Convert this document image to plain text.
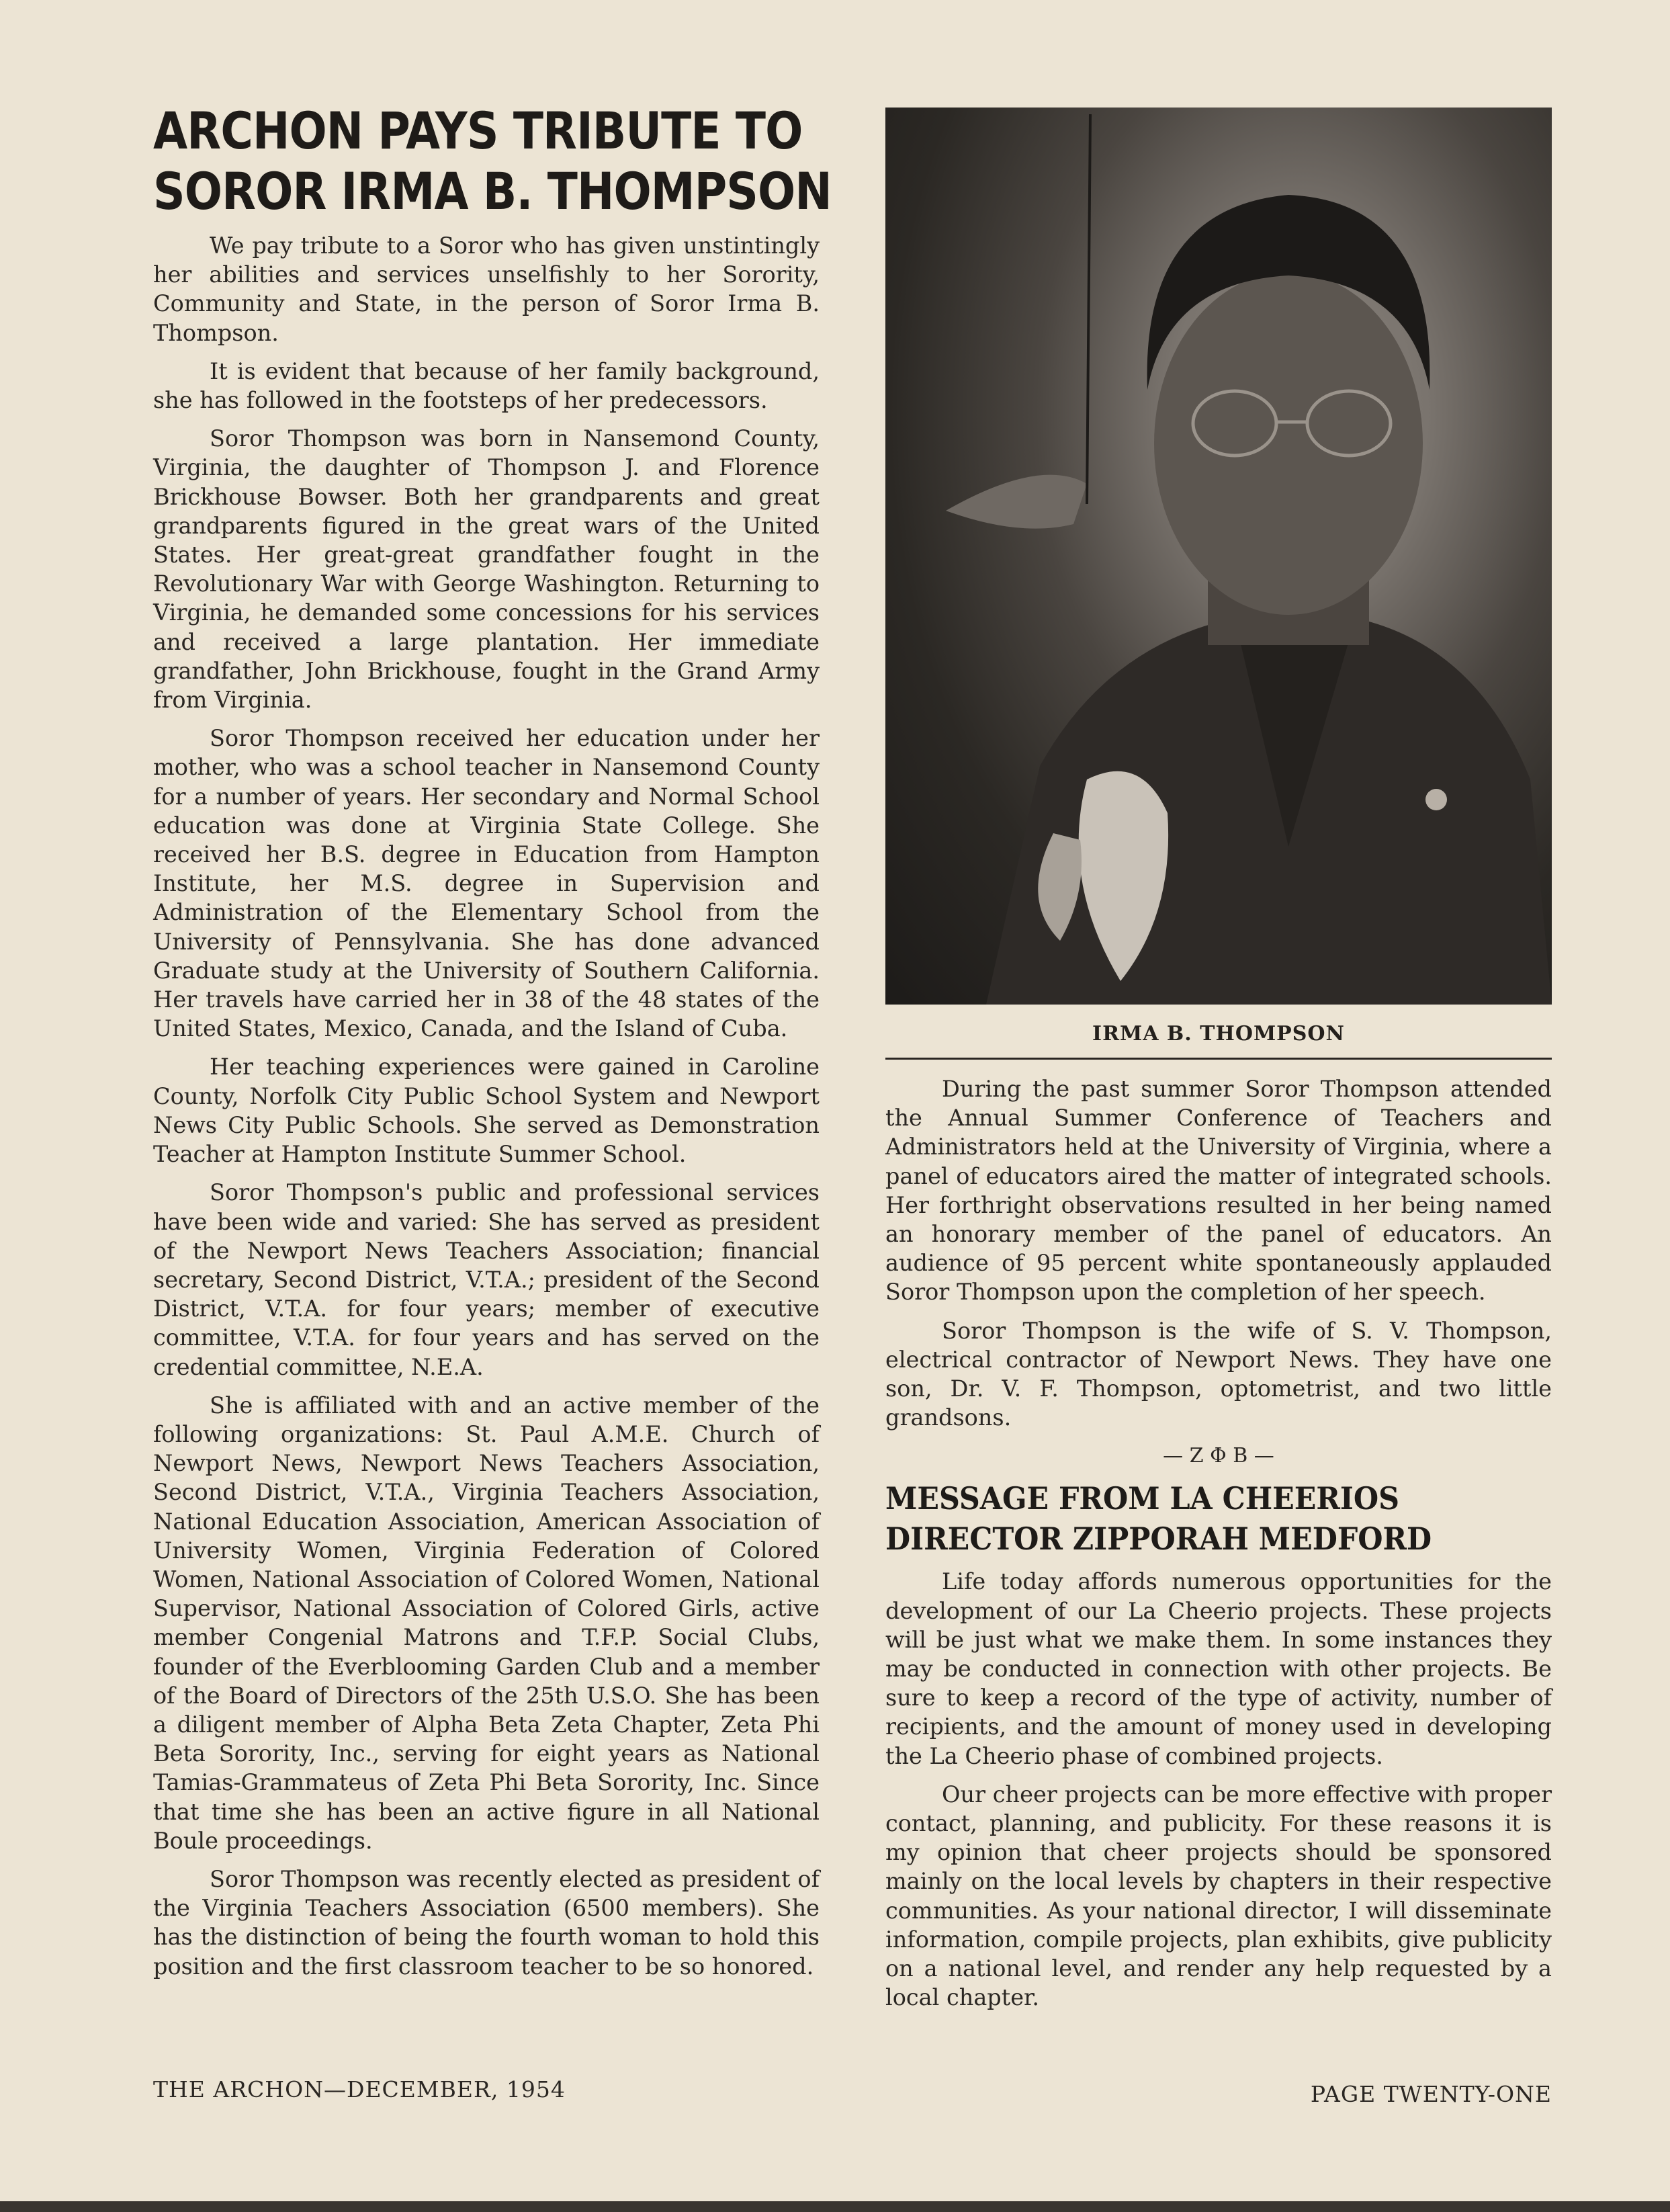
ARCHON PAYS TRIBUTE TO
SOROR IRMA B. THOMPSON

We pay tribute to a Soror who has given unstintingly her abilities and services unselfishly to her Sorority, Community and State, in the person of Soror Irma B. Thompson.

It is evident that because of her family background, she has followed in the footsteps of her predecessors.

Soror Thompson was born in Nansemond County, Virginia, the daughter of Thompson J. and Florence Brickhouse Bowser. Both her grandparents and great grandparents figured in the great wars of the United States. Her great-great grandfather fought in the Revolutionary War with George Washington. Returning to Virginia, he demanded some concessions for his services and received a large plantation. Her immediate grandfather, John Brickhouse, fought in the Grand Army from Virginia.

Soror Thompson received her education under her mother, who was a school teacher in Nansemond County for a number of years. Her secondary and Normal School education was done at Virginia State College. She received her B.S. degree in Education from Hampton Institute, her M.S. degree in Supervision and Administration of the Elementary School from the University of Pennsylvania. She has done advanced Graduate study at the University of Southern California. Her travels have carried her in 38 of the 48 states of the United States, Mexico, Canada, and the Island of Cuba.

Her teaching experiences were gained in Caroline County, Norfolk City Public School System and Newport News City Public Schools. She served as Demonstration Teacher at Hampton Institute Summer School.

Soror Thompson's public and professional services have been wide and varied: She has served as president of the Newport News Teachers Association; financial secretary, Second District, V.T.A.; president of the Second District, V.T.A. for four years; member of executive committee, V.T.A. for four years and has served on the credential committee, N.E.A.

She is affiliated with and an active member of the following organizations: St. Paul A.M.E. Church of Newport News, Newport News Teachers Association, Second District, V.T.A., Virginia Teachers Association, National Education Association, American Association of University Women, Virginia Federation of Colored Women, National Association of Colored Women, National Supervisor, National Association of Colored Girls, active member Congenial Matrons and T.F.P. Social Clubs, founder of the Everblooming Garden Club and a member of the Board of Directors of the 25th U.S.O. She has been a diligent member of Alpha Beta Zeta Chapter, Zeta Phi Beta Sorority, Inc., serving for eight years as National Tamias-Grammateus of Zeta Phi Beta Sorority, Inc. Since that time she has been an active figure in all National Boule proceedings.

Soror Thompson was recently elected as president of the Virginia Teachers Association (6500 members). She has the distinction of being the fourth woman to hold this position and the first classroom teacher to be so honored.

IRMA B. THOMPSON

During the past summer Soror Thompson attended the Annual Summer Conference of Teachers and Administrators held at the University of Virginia, where a panel of educators aired the matter of integrated schools. Her forthright observations resulted in her being named an honorary member of the panel of educators. An audience of 95 percent white spontaneously applauded Soror Thompson upon the completion of her speech.

Soror Thompson is the wife of S. V. Thompson, electrical contractor of Newport News. They have one son, Dr. V. F. Thompson, optometrist, and two little grandsons.

— Z Φ B —
MESSAGE FROM LA CHEERIOS
DIRECTOR ZIPPORAH MEDFORD

Life today affords numerous opportunities for the development of our La Cheerio projects. These projects will be just what we make them. In some instances they may be conducted in connection with other projects. Be sure to keep a record of the type of activity, number of recipients, and the amount of money used in developing the La Cheerio phase of combined projects.

Our cheer projects can be more effective with proper contact, planning, and publicity. For these reasons it is my opinion that cheer projects should be sponsored mainly on the local levels by chapters in their respective communities. As your national director, I will disseminate information, compile projects, plan exhibits, give publicity on a national level, and render any help requested by a local chapter.

THE ARCHON—DECEMBER, 1954	PAGE TWENTY-ONE
